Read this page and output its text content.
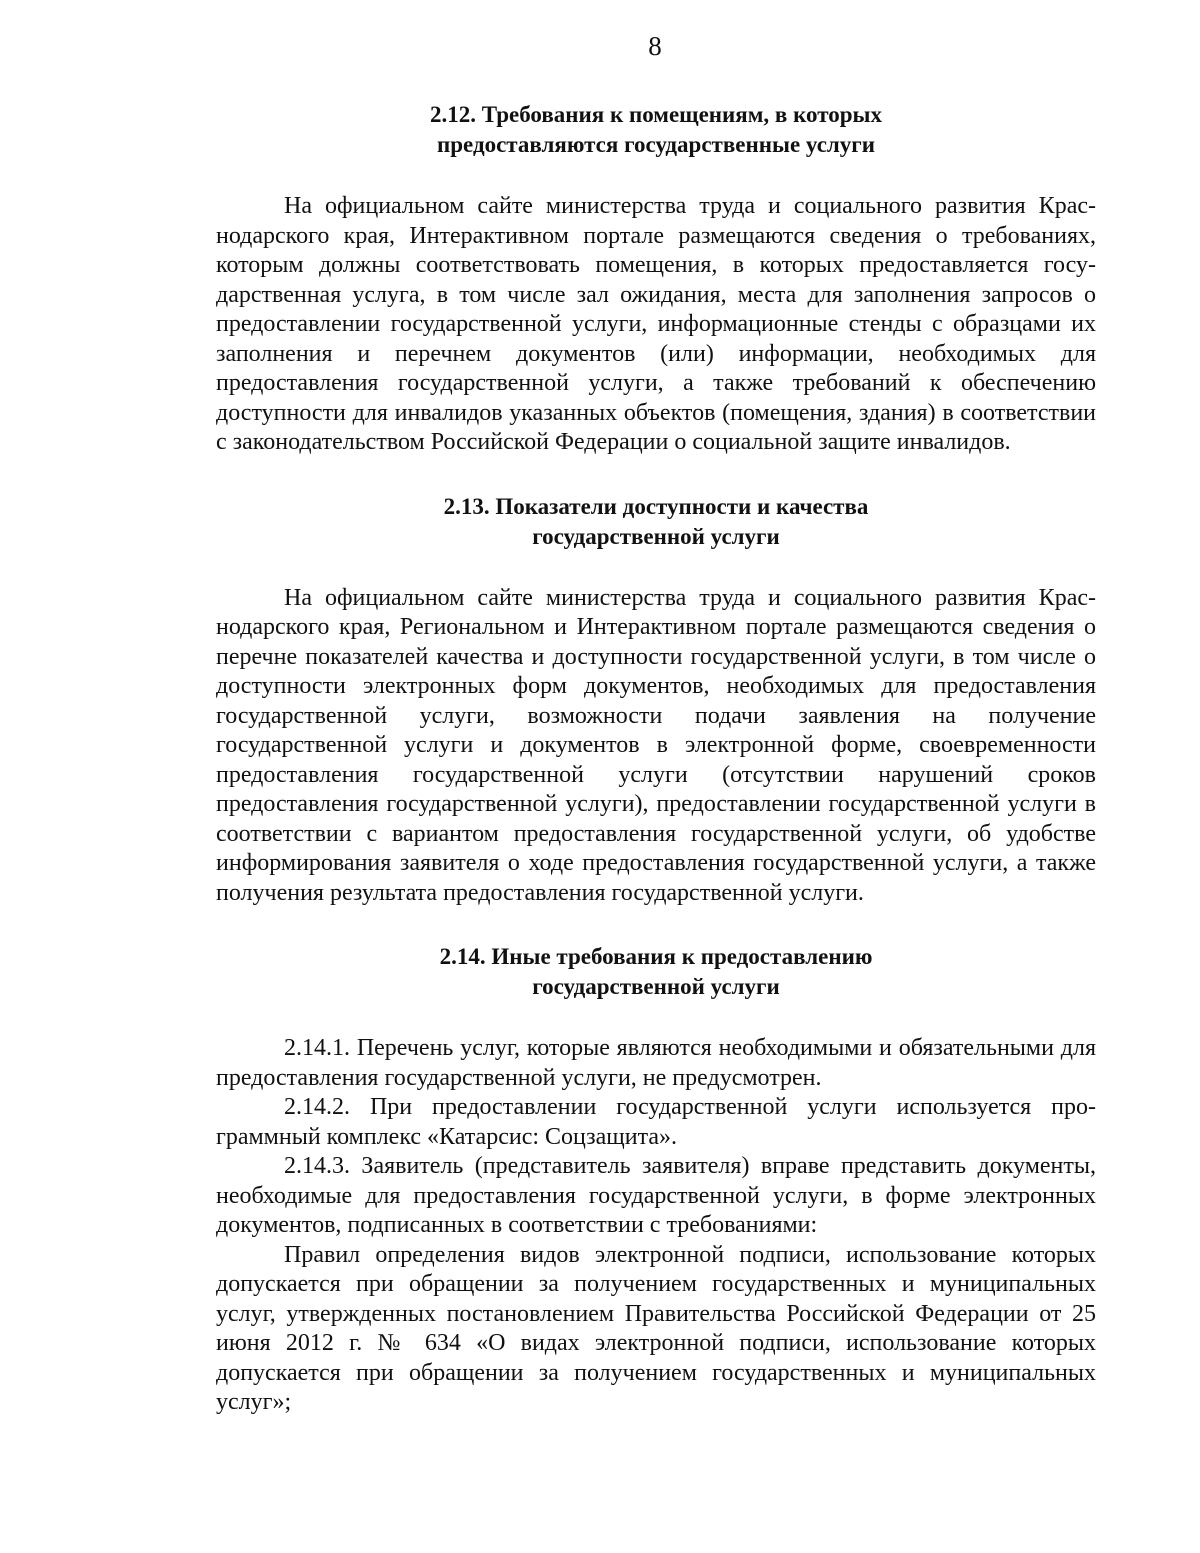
8
2.12. Требования к помещениям, в которых
предоставляются государственные услуги

На официальном сайте министерства труда и социального развития Краснодарского края, Интерактивном портале размещаются сведения о требованиях, которым должны соответствовать помещения, в которых предоставляется государственная услуга, в том числе зал ожидания, места для заполнения запросов о предоставлении государственной услуги, информационные стенды с образцами их заполнения и перечнем документов (или) информации, необходимых для предоставления государственной услуги, а также требований к обеспечению доступности для инвалидов указанных объектов (помещения, здания) в соответствии с законодательством Российской Федерации о социальной защите инвалидов.

2.13. Показатели доступности и качества
государственной услуги

На официальном сайте министерства труда и социального развития Краснодарского края, Региональном и Интерактивном портале размещаются сведения о перечне показателей качества и доступности государственной услуги, в том числе о доступности электронных форм документов, необходимых для предоставления государственной услуги, возможности подачи заявления на получение государственной услуги и документов в электронной форме, своевременности предоставления государственной услуги (отсутствии нарушений сроков предоставления государственной услуги), предоставлении государственной услуги в соответствии с вариантом предоставления государственной услуги, об удобстве информирования заявителя о ходе предоставления государственной услуги, а также получения результата предоставления государственной услуги.

2.14. Иные требования к предоставлению
государственной услуги

2.14.1. Перечень услуг, которые являются необходимыми и обязательными для предоставления государственной услуги, не предусмотрен.

2.14.2. При предоставлении государственной услуги используется программный комплекс «Катарсис: Соцзащита».

2.14.3. Заявитель (представитель заявителя) вправе представить документы, необходимые для предоставления государственной услуги, в форме электронных документов, подписанных в соответствии с требованиями:

Правил определения видов электронной подписи, использование которых допускается при обращении за получением государственных и муниципальных услуг, утвержденных постановлением Правительства Российской Федерации от 25 июня 2012 г. № 634 «О видах электронной подписи, использование которых допускается при обращении за получением государственных и муниципальных услуг»;
